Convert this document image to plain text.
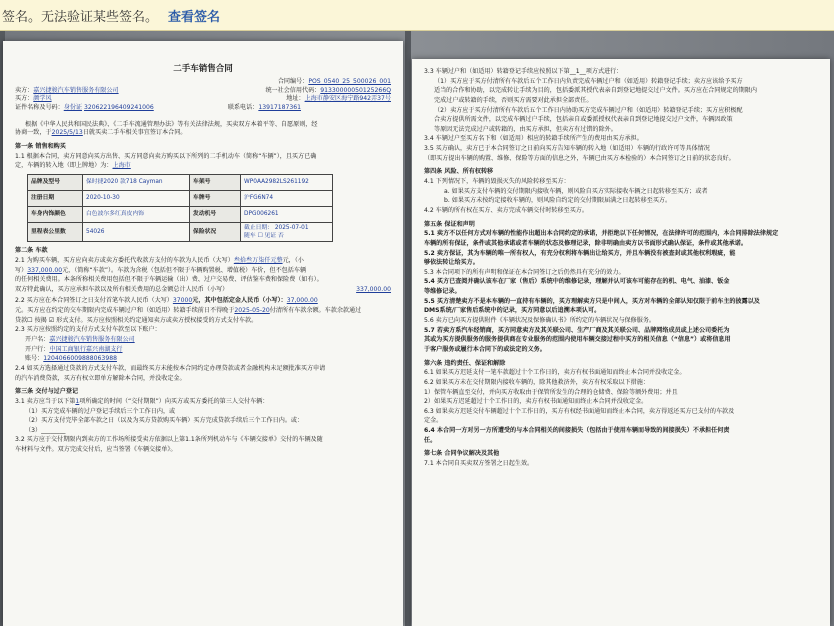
签名。无法验证某些签名。 查看签名
二手车销售合同
合同编号： POS_0540_25_500026_001
卖方：嘉兴捷骏汽车销售服务有限公司	统一社会信用代码：91330000050125266Q
买方：颜学风	地址：上海市静安区海宁路942弄37号
证件名称及号码：身份证 320622196409241006	联系电话：13917187361
根据《中华人民共和国民法典》、《二手车流通管理办法》等有关法律法规，买卖双方本着平等、自愿原则，经
协商一致，于2025/5/13日就买卖二手车相关事宜签订本合同。
第一条 销售和购买
1.1 根据本合同，卖方同意向买方出售、买方同意向卖方购买以下所列的二手机动车（简称“车辆”），且买方已确
定，车辆的转入地（即上牌地）为：上海市
品牌及型号	保时捷2020 款718 Cayman	车架号	WP0AA2982LS261192
注册日期	2020-10-30	车牌号	沪FG6N74
车身内饰颜色	白色波尔多红真皮内饰	发动机号	DPG006261
里程表公里数	54026	保险状况	截止日期： 2025-07-01
随车 ☐ 见证 否
第二条 车款
2.1 为购买车辆，买方应向卖方或卖方委托代收款方支付的车款为人民币（大写）叁拾叁万柒仟元整元，（小
写）337,000.00元，（简称“车款”）。车款为含税（包括但不限于车辆购置税、增值税）车价，但不包括车辆
的任何相关费用。本条所称相关费用包括但不限于车辆运输（出）费、过户交易费、评估鉴车费和保险费（如有）。
双方特此确认，买方应承担车款以及所有相关费用的总金额总计人民币（小写）	337,000.00
2.2 买方应在本合同签订之日支付首笔车款人民币（大写）37000元，其中包括定金人民币（小写）：37,000.00
元。买方应在约定的交车期限内完成车辆过户和（如适用）转籍手续前日不得晚于2025-05-20付清所有车款余额。车款余款通过
贷款☐ 按揭 ☑ 形式支付。买方应按照相关约定通知卖方或卖方授权接受的方式支付车款。
2.3 买方应按照约定的支付方式支付车款至以下账户：
开户名：嘉兴捷骏汽车销售服务有限公司
开户行：中国工商银行嘉兴南湖支行
账号：1204066009888063988
2.4 如买方选择通过贷款的方式支付车款，而最终买方未能按本合同约定办理贷款或者金融机构未足额批准买方申请
的汽车消费贷款，买方有权立即单方解除本合同，并没收定金。
第三条 交付与过户登记
3.1 卖方应当于以下第1项所确定的时间（“交付期限”）向买方或买方委托的第三人交付车辆：
（1）买方完成车辆的过户登记手续后三个工作日内，或
（2）买方支付完毕全部车款之日（以及为买方贷款购买车辆）买方完成贷款手续后三个工作日内。或：
（3）________
3.2 买方应于交付期限内到卖方的工作场所接受卖方依据以上第1.1条所列机动车与《车辆交接单》交付的车辆及随
车材料与文件。双方完成交付后，应当签署《车辆交接单》。
3.3 车辆过户和（如适用）转籍登记手续应按照以下第__1__项方式进行：
（1）买方应于买方付清所有车款后五个工作日内负责完成车辆过户和（如适用）转籍登记手续；卖方应该给予买方
适当的合作和协助，以完成转让手续为目的，包括委派其授代表亲自到登记地提交过户文件。买方应在合同规定的期限内
完成过户或转籍的手续，否则买方需要对此承担全部责任。
（2）卖方应于买方付清所有车款后五个工作日内协助买方完成车辆过户和（如适用）转籍登记手续；买方应积极配
合卖方提供所需文件，以完成车辆过户手续，包括亲自或委派授权代表亲自到登记地提交过户文件，车辆因政策
等原因无法完成过户或转籍的，由买方承担，但卖方有过错的除外。
3.4 车辆过户至买方名下和（如适用）相应的转籍手续所产生的费用由买方承担。
3.5 买方确认，卖方已于本合同签订之日前向买方告知车辆的转入地（如适用）车辆的行政许可等具体情况
（即买方提出车辆的购置、维修、保险等方面的信息之外，车辆已由买方本检验的）本合同签订之日前的状态良好。
第四条 风险、所有权转移
4.1 下列情况下，车辆的毁损灭失的风险转移至买方：
a. 如果买方支付车辆的交付期限内接收车辆，则风险自买方实际接收车辆之日起转移至买方；或者
b. 如果买方未按约定接收车辆的，则风险自约定的交付期限届满之日起转移至买方。
4.2 车辆的所有权在买方、卖方完成车辆交付时转移至买方。
第五条 保证和声明
5.1 卖方不以任何方式对车辆的性能作出超出本合同约定的承诺，并拒绝以下任何情况，在法律许可的范围内，本合同排除法律规定
车辆的所有保证，条件或其他承诺或者车辆的状态及修理记录，除非明确由卖方以书面形式确认保证，条件或其他承诺。
5.2 卖方保证，其为车辆的唯一所有权人，有充分权利将车辆出让给买方，并且车辆没有被查封或其他权利瑕疵，能
够依法转让给买方。
5.3 本合同项下的所有声明和保证在本合同签订之后仍然具有充分的效力。
5.4 买方已查阅并确认该车在厂家（售后）系统中的维修记录，理解并认可该车可能存在的机、电气、油漆、钣金
等维修记录。
5.5 买方清楚卖方不是本车辆的一直持有车辆的，买方理解卖方只是中间人，买方对车辆的全部认知仅限于前车主的披露以及
DMS系统/厂家售后系统中的记录，买方同意以后追溯本项认可。
5.6 卖方已向买方提供附件《车辆状况及保修确认书》所约定的车辆状况与保修服务。
5.7 若卖方系汽车经销商，买方同意卖方及其关联公司、生产厂商及其关联公司、品牌网络成员或上述公司委托为
其或为买方提供服务的服务提供商在专业服务的范围内使用车辆交接过程中买方的相关信息（“信息”）或将信息用
于客户服务或履行本合同下的或法定的义务。
第六条 违约责任、保证和解除
6.1 如果买方迟延支付一笔车款超过十个工作日的，卖方有权书面通知而终止本合同并没收定金。
6.2 如果买方未在交付期限内接收车辆的，除其他救济外，卖方有权采取以下措施：
1）保管车辆直至交付，并向买方收取由于保管所发生的合理的仓储费、保险等额外费用；并且
2）如果买方迟延超过十个工作日的，卖方有权书面通知而终止本合同并没收定金。
6.3 如果卖方迟延交付车辆超过十个工作日的，买方有权经书面通知而终止本合同，卖方得返还买方已支付的车款及
定金。
6.4 本合同一方对另一方所遭受的与本合同相关的间接损失（包括由于使用车辆而导致的间接损失）不承担任何责
任。
第七条 合同争议解决及其他
7.1 本合同自买卖双方签署之日起生效。
